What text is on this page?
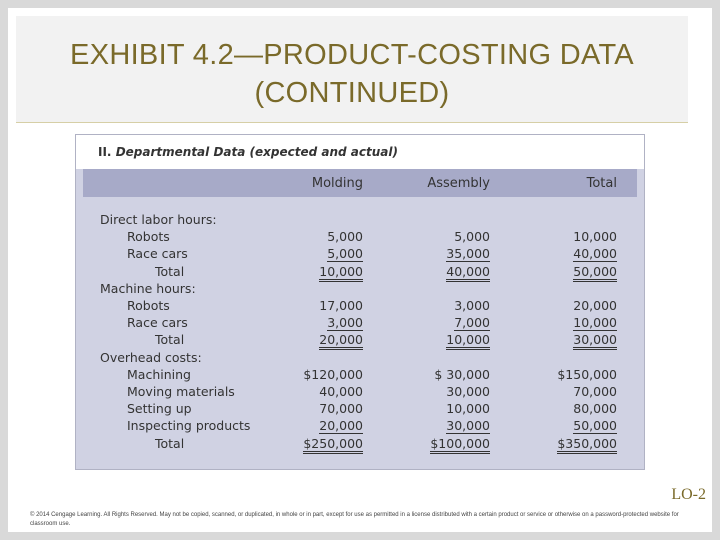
EXHIBIT 4.2—PRODUCT-COSTING DATA
(CONTINUED)
II. Departmental Data (expected and actual)
Molding	Assembly	Total
Direct labor hours:
Robots	5,000	5,000	10,000
Race cars	5,000	35,000	40,000
Total	10,000	40,000	50,000
Machine hours:
Robots	17,000	3,000	20,000
Race cars	3,000	7,000	10,000
Total	20,000	10,000	30,000
Overhead costs:
Machining	$120,000	$ 30,000	$150,000
Moving materials	40,000	30,000	70,000
Setting up	70,000	10,000	80,000
Inspecting products	20,000	30,000	50,000
Total	$250,000	$100,000	$350,000
LO-2
© 2014 Cengage Learning. All Rights Reserved. May not be copied, scanned, or duplicated, in whole or in part, except for use as permitted in a license distributed with a certain product or service or otherwise on a password-protected website for classroom use.
